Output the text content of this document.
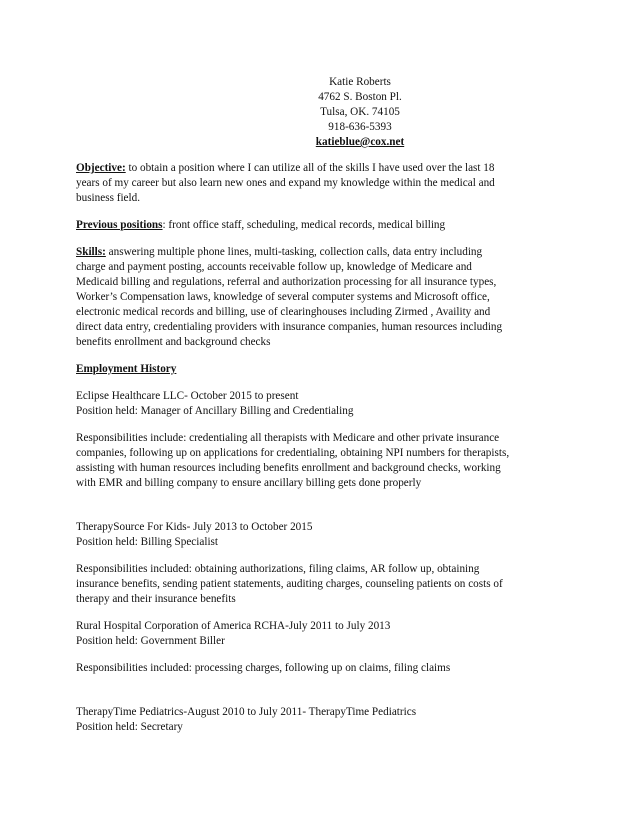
Katie Roberts
4762 S. Boston Pl.
Tulsa, OK. 74105
918-636-5393
katieblue@cox.net
Objective: to obtain a position where I can utilize all of the skills I have used over the last 18
years of my career but also learn new ones and expand my knowledge within the medical and
business field.
Previous positions: front office staff, scheduling, medical records, medical billing
Skills: answering multiple phone lines, multi-tasking, collection calls, data entry including
charge and payment posting, accounts receivable follow up, knowledge of Medicare and
Medicaid billing and regulations, referral and authorization processing for all insurance types,
Worker’s Compensation laws, knowledge of several computer systems and Microsoft office,
electronic medical records and billing, use of clearinghouses including Zirmed , Availity and
direct data entry, credentialing providers with insurance companies, human resources including
benefits enrollment and background checks
Employment History
Eclipse Healthcare LLC- October 2015 to present
Position held: Manager of Ancillary Billing and Credentialing
Responsibilities include: credentialing all therapists with Medicare and other private insurance
companies, following up on applications for credentialing, obtaining NPI numbers for therapists,
assisting with human resources including benefits enrollment and background checks, working
with EMR and billing company to ensure ancillary billing gets done properly
TherapySource For Kids- July 2013 to October 2015
Position held: Billing Specialist
Responsibilities included: obtaining authorizations, filing claims, AR follow up, obtaining
insurance benefits, sending patient statements, auditing charges, counseling patients on costs of
therapy and their insurance benefits
Rural Hospital Corporation of America RCHA-July 2011 to July 2013
Position held: Government Biller
Responsibilities included: processing charges, following up on claims, filing claims
TherapyTime Pediatrics-August 2010 to July 2011- TherapyTime Pediatrics
Position held: Secretary
